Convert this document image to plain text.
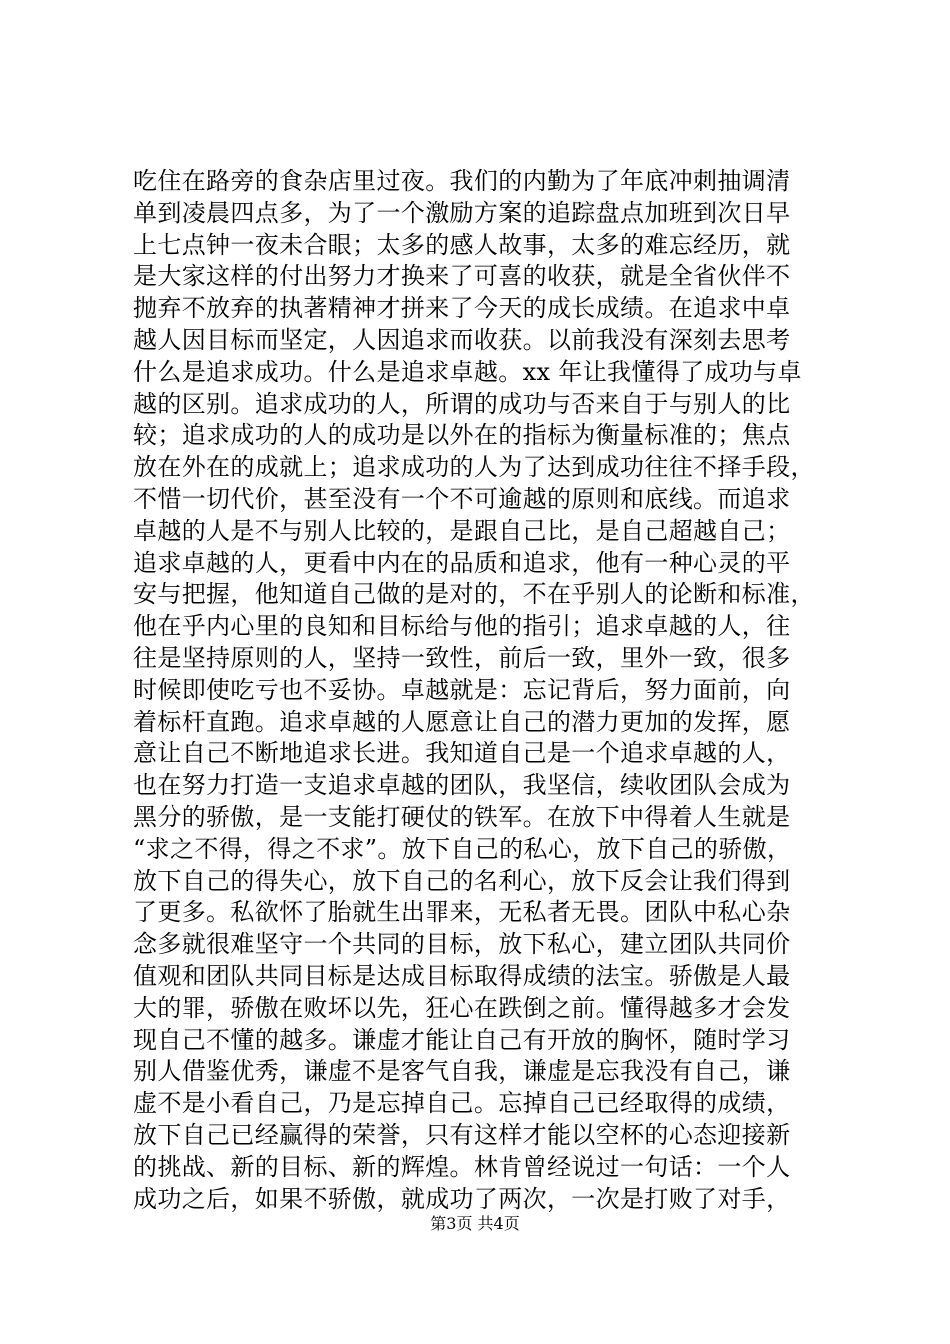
吃住在路旁的食杂店里过夜。我们的内勤为了年底冲刺抽调清
单到凌晨四点多，为了一个激励方案的追踪盘点加班到次日早
上七点钟一夜未合眼；太多的感人故事，太多的难忘经历，就
是大家这样的付出努力才换来了可喜的收获，就是全省伙伴不
抛弃不放弃的执著精神才拼来了今天的成长成绩。在追求中卓
越人因目标而坚定，人因追求而收获。以前我没有深刻去思考
什么是追求成功。什么是追求卓越。xx 年让我懂得了成功与卓
越的区别。追求成功的人，所谓的成功与否来自于与别人的比
较；追求成功的人的成功是以外在的指标为衡量标准的；焦点
放在外在的成就上；追求成功的人为了达到成功往往不择手段，
不惜一切代价，甚至没有一个不可逾越的原则和底线。而追求
卓越的人是不与别人比较的，是跟自己比，是自己超越自己；
追求卓越的人，更看中内在的品质和追求，他有一种心灵的平
安与把握，他知道自己做的是对的，不在乎别人的论断和标准，
他在乎内心里的良知和目标给与他的指引；追求卓越的人，往
往是坚持原则的人，坚持一致性，前后一致，里外一致，很多
时候即使吃亏也不妥协。卓越就是：忘记背后，努力面前，向
着标杆直跑。追求卓越的人愿意让自己的潜力更加的发挥，愿
意让自己不断地追求长进。我知道自己是一个追求卓越的人，
也在努力打造一支追求卓越的团队，我坚信，续收团队会成为
黑分的骄傲，是一支能打硬仗的铁军。在放下中得着人生就是
“求之不得，得之不求”。放下自己的私心，放下自己的骄傲，
放下自己的得失心，放下自己的名利心，放下反会让我们得到
了更多。私欲怀了胎就生出罪来，无私者无畏。团队中私心杂
念多就很难坚守一个共同的目标，放下私心，建立团队共同价
值观和团队共同目标是达成目标取得成绩的法宝。骄傲是人最
大的罪，骄傲在败坏以先，狂心在跌倒之前。懂得越多才会发
现自己不懂的越多。谦虚才能让自己有开放的胸怀，随时学习
别人借鉴优秀，谦虚不是客气自我，谦虚是忘我没有自己，谦
虚不是小看自己，乃是忘掉自己。忘掉自己已经取得的成绩，
放下自己已经赢得的荣誉，只有这样才能以空杯的心态迎接新
的挑战、新的目标、新的辉煌。林肯曾经说过一句话：一个人
成功之后，如果不骄傲，就成功了两次，一次是打败了对手，
第3页 共4页
